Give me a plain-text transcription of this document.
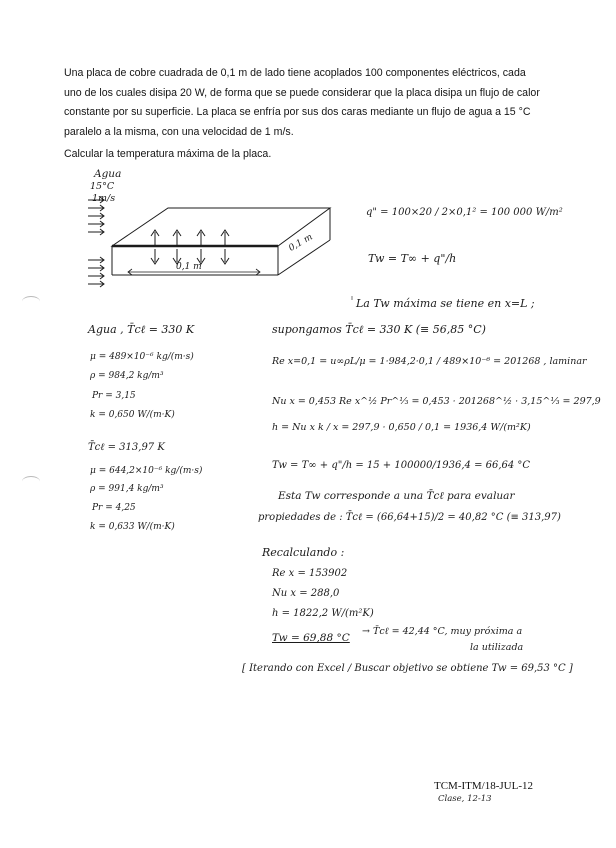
Una placa de cobre cuadrada de 0,1 m de lado tiene acoplados 100 componentes eléctricos, cada

uno de los cuales disipa 20 W, de forma que se puede considerar que la placa disipa un flujo de calor

constante por su superficie. La placa se enfría por sus dos caras mediante un flujo de agua a 15 °C

paralelo a la misma, con una velocidad de 1 m/s.

Calcular la temperatura máxima de la placa.
Agua
15°C
1m/s
0,1 m
0,1 m
q" = 100×20 / 2×0,1² = 100 000 W/m²
Tw = T∞ + q"/h
La Tw máxima se tiene en x=L ;
Agua , T̄cℓ = 330 K
μ = 489×10⁻⁶ kg/(m·s)
ρ = 984,2 kg/m³
Pr = 3,15
k = 0,650 W/(m·K)
T̄cℓ = 313,97 K
μ = 644,2×10⁻⁶ kg/(m·s)
ρ = 991,4 kg/m³
Pr = 4,25
k = 0,633 W/(m·K)
supongamos T̄cℓ = 330 K (≡ 56,85 °C)
Re x=0,1 = u∞ρL/μ = 1·984,2·0,1 / 489×10⁻⁶ = 201268 , laminar
Nu x = 0,453 Re x^½ Pr^⅓ = 0,453 · 201268^½ · 3,15^⅓ = 297,9
h = Nu x k / x = 297,9 · 0,650 / 0,1 = 1936,4 W/(m²K)
Tw = T∞ + q"/h = 15 + 100000/1936,4 = 66,64 °C
Esta Tw corresponde a una T̄cℓ para evaluar
propiedades de : T̄cℓ = (66,64+15)/2 = 40,82 °C (≡ 313,97)
Recalculando :
Re x = 153902
Nu x = 288,0
h = 1822,2 W/(m²K)
Tw = 69,88 °C
→ T̄cℓ = 42,44 °C, muy próxima a
la utilizada
[ Iterando con Excel / Buscar objetivo se obtiene Tw = 69,53 °C ]
TCM-ITM/18-JUL-12
Clase, 12-13
